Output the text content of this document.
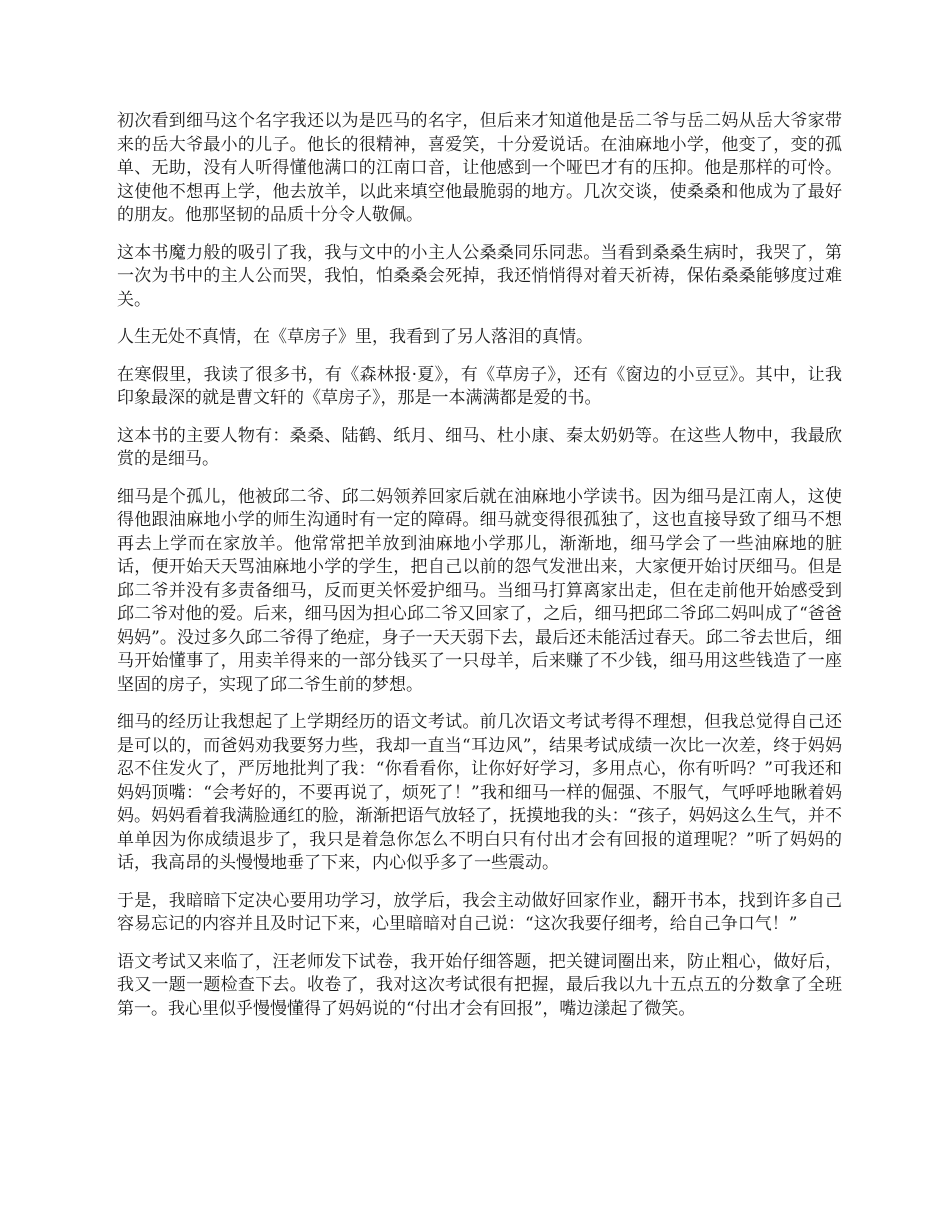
初次看到细马这个名字我还以为是匹马的名字，但后来才知道他是岳二爷与岳二妈从岳大爷家带来的岳大爷最小的儿子。他长的很精神，喜爱笑，十分爱说话。在油麻地小学，他变了，变的孤单、无助，没有人听得懂他满口的江南口音，让他感到一个哑巴才有的压抑。他是那样的可怜。这使他不想再上学，他去放羊，以此来填空他最脆弱的地方。几次交谈，使桑桑和他成为了最好的朋友。他那坚韧的品质十分令人敬佩。

这本书魔力般的吸引了我，我与文中的小主人公桑桑同乐同悲。当看到桑桑生病时，我哭了，第一次为书中的主人公而哭，我怕，怕桑桑会死掉，我还悄悄得对着天祈祷，保佑桑桑能够度过难关。

人生无处不真情，在《草房子》里，我看到了另人落泪的真情。

在寒假里，我读了很多书，有《森林报·夏》，有《草房子》，还有《窗边的小豆豆》。其中，让我印象最深的就是曹文轩的《草房子》，那是一本满满都是爱的书。

这本书的主要人物有：桑桑、陆鹤、纸月、细马、杜小康、秦太奶奶等。在这些人物中，我最欣赏的是细马。

细马是个孤儿，他被邱二爷、邱二妈领养回家后就在油麻地小学读书。因为细马是江南人，这使得他跟油麻地小学的师生沟通时有一定的障碍。细马就变得很孤独了，这也直接导致了细马不想再去上学而在家放羊。他常常把羊放到油麻地小学那儿，渐渐地，细马学会了一些油麻地的脏话，便开始天天骂油麻地小学的学生，把自己以前的怨气发泄出来，大家便开始讨厌细马。但是邱二爷并没有多责备细马，反而更关怀爱护细马。当细马打算离家出走，但在走前他开始感受到邱二爷对他的爱。后来，细马因为担心邱二爷又回家了，之后，细马把邱二爷邱二妈叫成了“爸爸妈妈”。没过多久邱二爷得了绝症，身子一天天弱下去，最后还未能活过春天。邱二爷去世后，细马开始懂事了，用卖羊得来的一部分钱买了一只母羊，后来赚了不少钱，细马用这些钱造了一座坚固的房子，实现了邱二爷生前的梦想。

细马的经历让我想起了上学期经历的语文考试。前几次语文考试考得不理想，但我总觉得自己还是可以的，而爸妈劝我要努力些，我却一直当“耳边风”，结果考试成绩一次比一次差，终于妈妈忍不住发火了，严厉地批判了我：“你看看你，让你好好学习，多用点心，你有听吗？”可我还和妈妈顶嘴：“会考好的，不要再说了，烦死了！”我和细马一样的倔强、不服气，气呼呼地瞅着妈妈。妈妈看着我满脸通红的脸，渐渐把语气放轻了，抚摸地我的头：“孩子，妈妈这么生气，并不单单因为你成绩退步了，我只是着急你怎么不明白只有付出才会有回报的道理呢？”听了妈妈的话，我高昂的头慢慢地垂了下来，内心似乎多了一些震动。

于是，我暗暗下定决心要用功学习，放学后，我会主动做好回家作业，翻开书本，找到许多自己容易忘记的内容并且及时记下来，心里暗暗对自己说：“这次我要仔细考，给自己争口气！”

语文考试又来临了，汪老师发下试卷，我开始仔细答题，把关键词圈出来，防止粗心，做好后，我又一题一题检查下去。收卷了，我对这次考试很有把握，最后我以九十五点五的分数拿了全班第一。我心里似乎慢慢懂得了妈妈说的“付出才会有回报”，嘴边漾起了微笑。
